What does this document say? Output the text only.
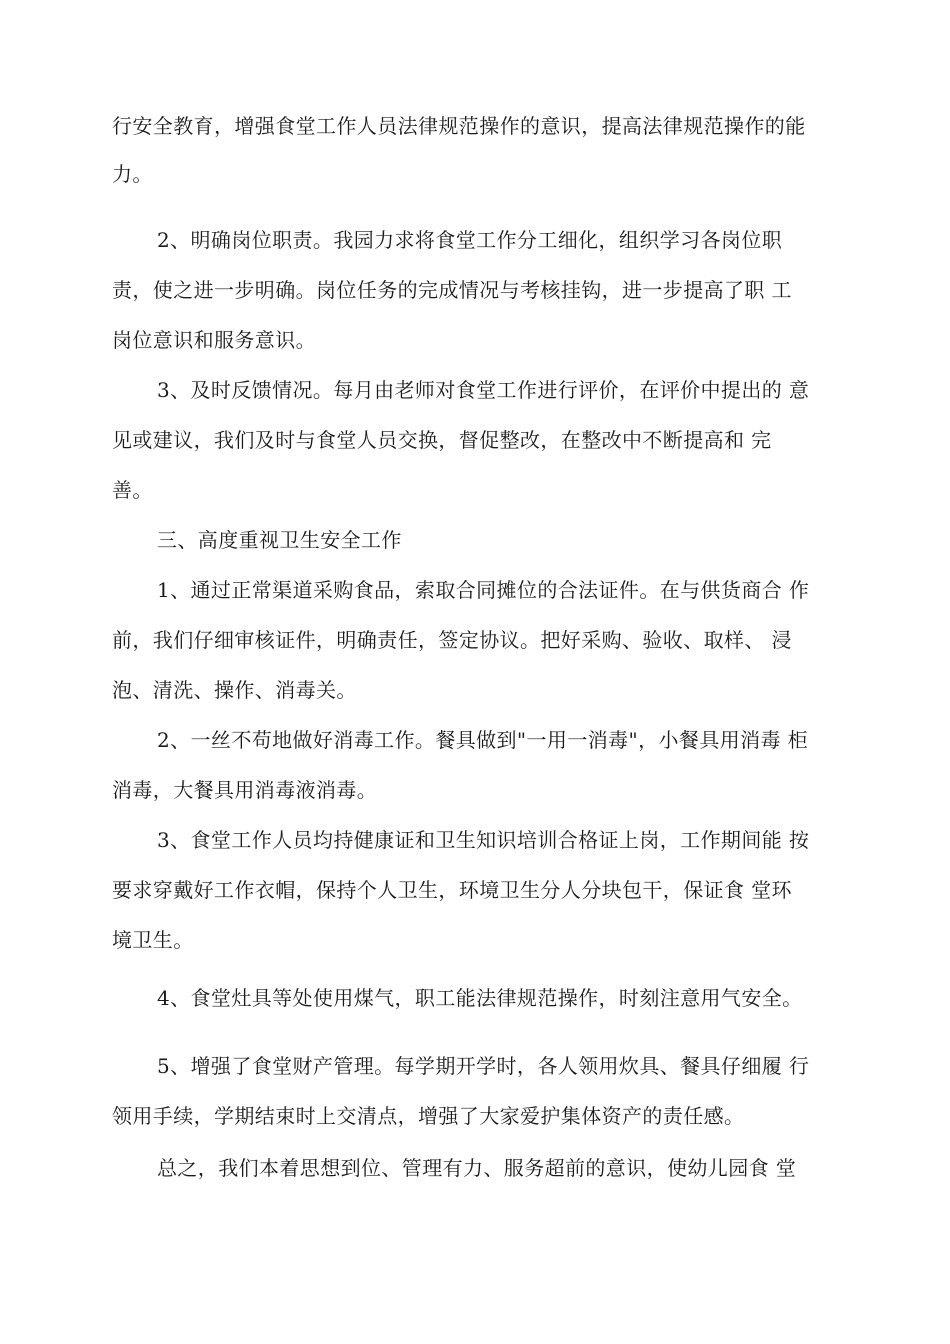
行安全教育，增强食堂工作人员法律规范操作的意识，提高法律规范操作的能
力。
2、明确岗位职责。我园力求将食堂工作分工细化，组织学习各岗位职
责，使之进一步明确。岗位任务的完成情况与考核挂钩，进一步提高了职 工
岗位意识和服务意识。
3、及时反馈情况。每月由老师对食堂工作进行评价，在评价中提出的 意
见或建议，我们及时与食堂人员交换，督促整改，在整改中不断提高和 完
善。
三、高度重视卫生安全工作
1、通过正常渠道采购食品，索取合同摊位的合法证件。在与供货商合 作
前，我们仔细审核证件，明确责任，签定协议。把好采购、验收、取样、 浸
泡、清洗、操作、消毒关。
2、一丝不苟地做好消毒工作。餐具做到"一用一消毒"，小餐具用消毒 柜
消毒，大餐具用消毒液消毒。
3、食堂工作人员均持健康证和卫生知识培训合格证上岗，工作期间能 按
要求穿戴好工作衣帽，保持个人卫生，环境卫生分人分块包干，保证食 堂环
境卫生。
4、食堂灶具等处使用煤气，职工能法律规范操作，时刻注意用气安全。
5、增强了食堂财产管理。每学期开学时，各人领用炊具、餐具仔细履 行
领用手续，学期结束时上交清点，增强了大家爱护集体资产的责任感。
总之，我们本着思想到位、管理有力、服务超前的意识，使幼儿园食 堂
